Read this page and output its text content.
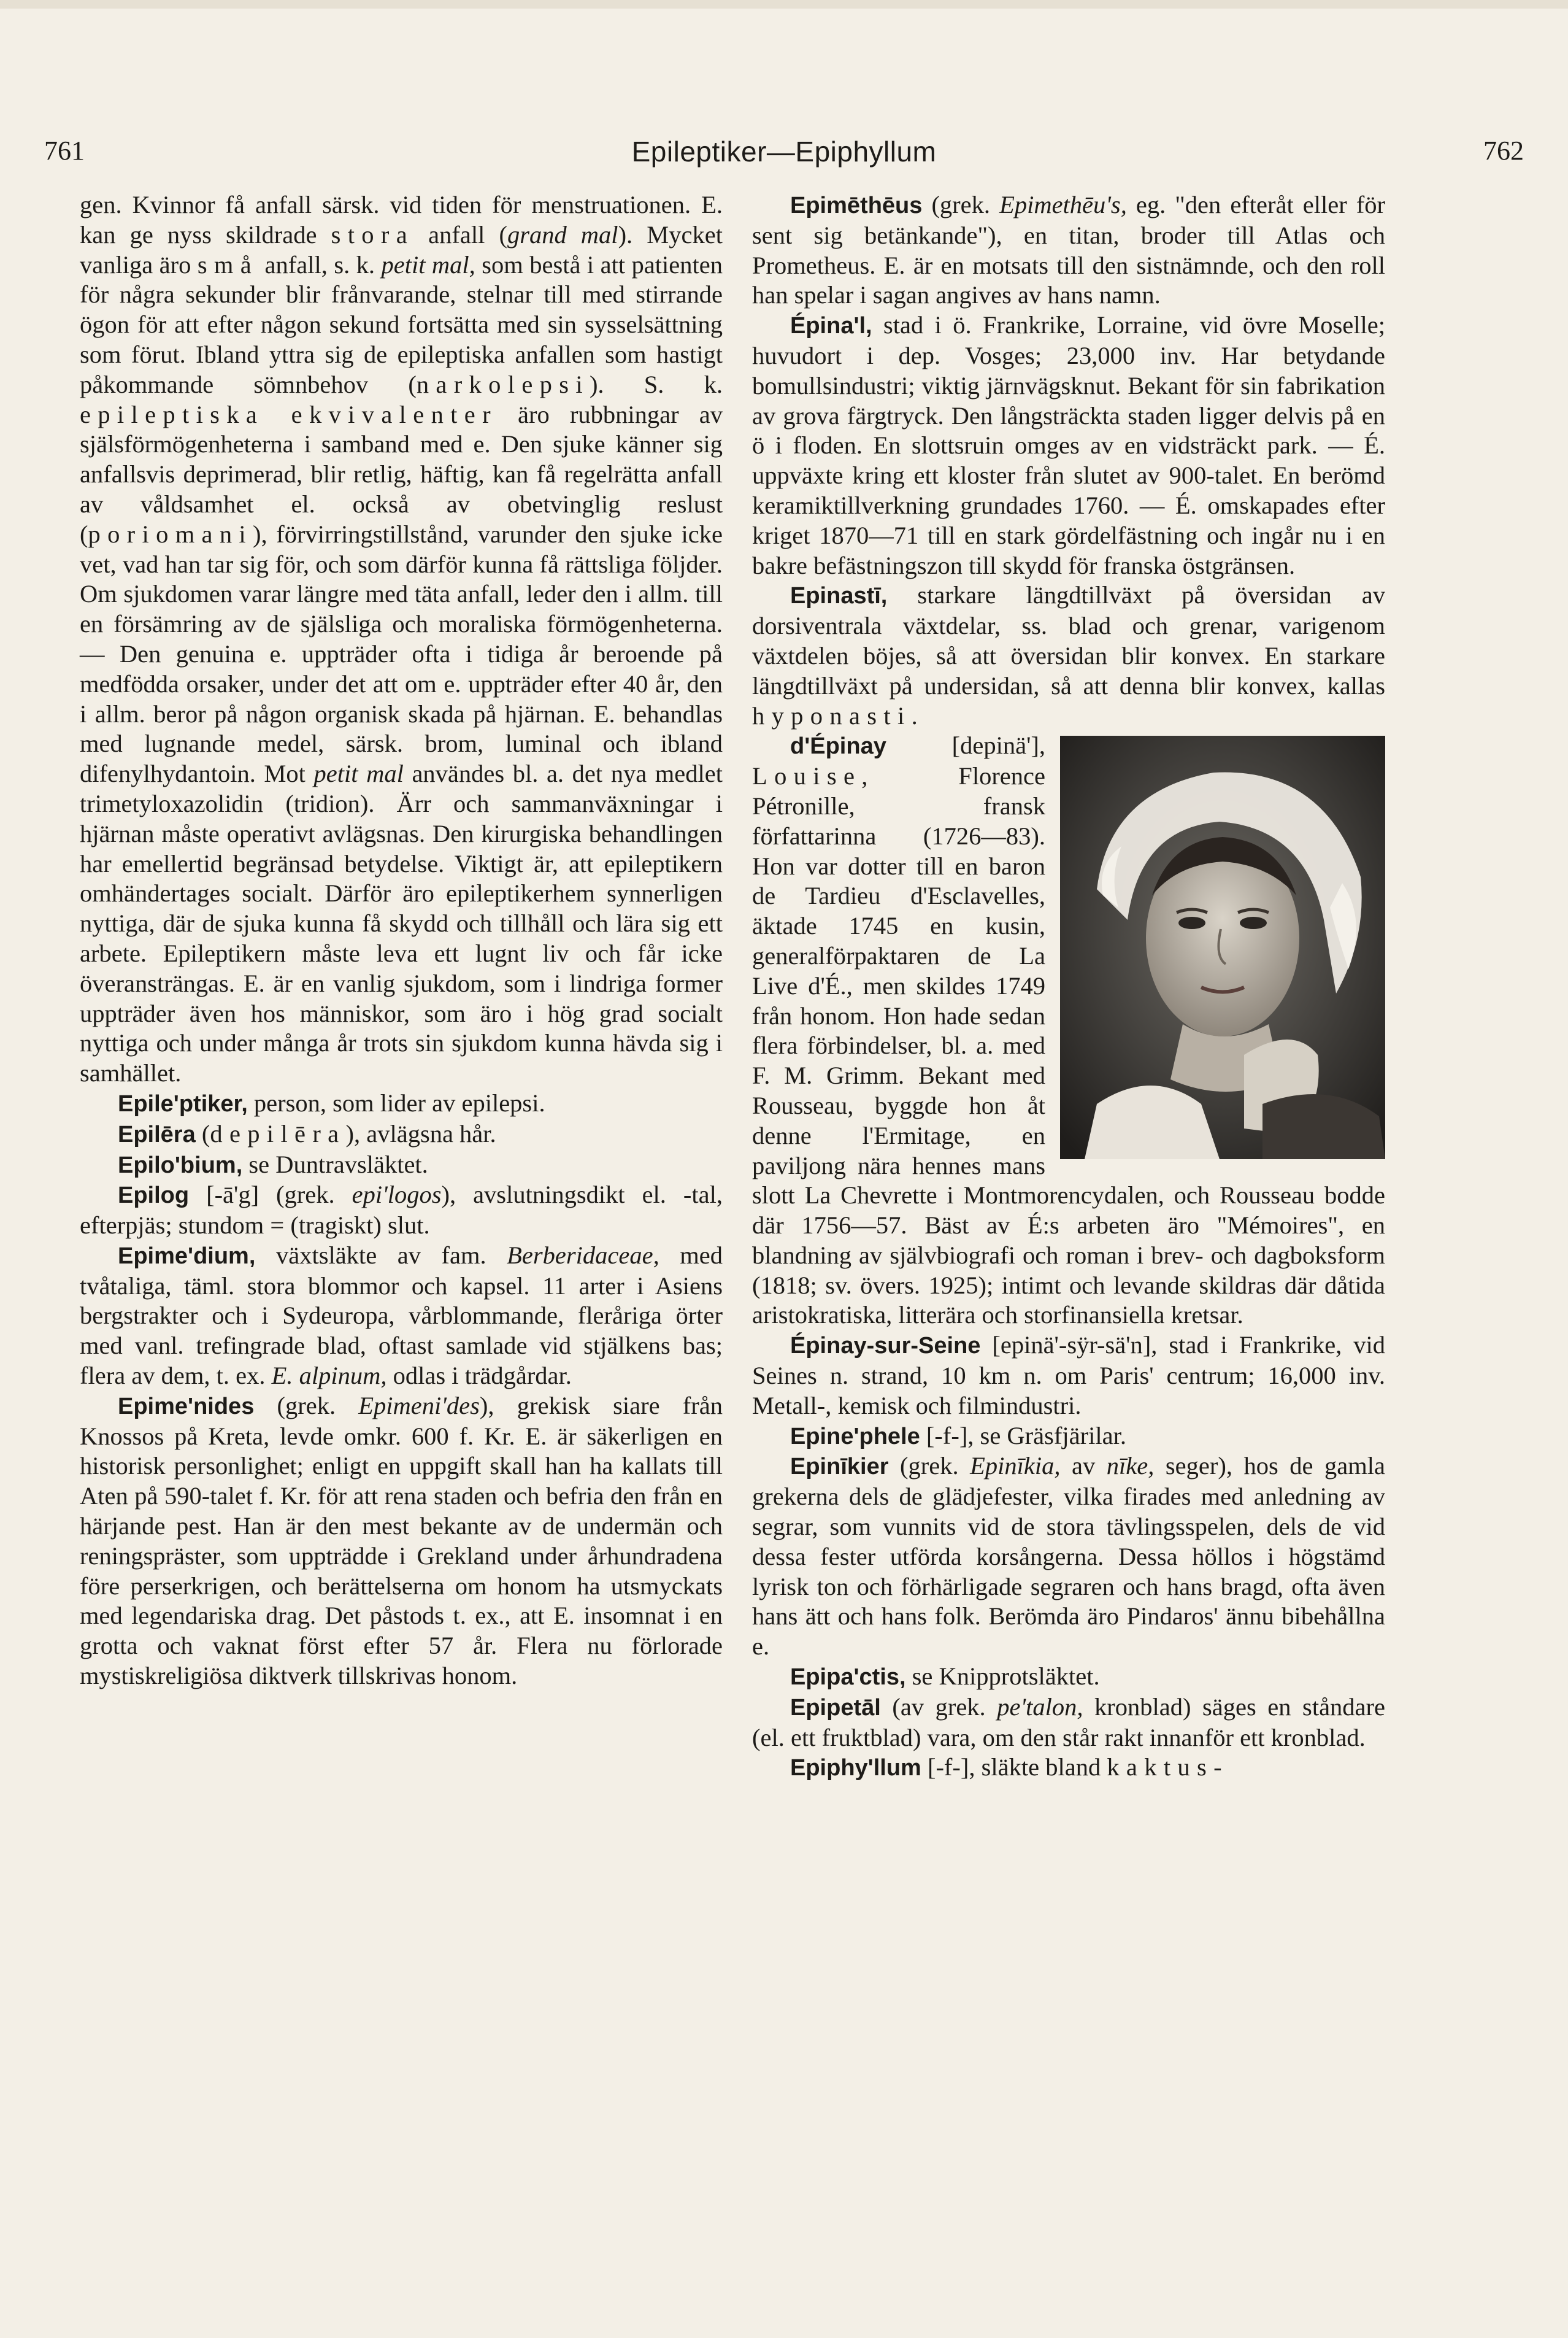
761	Epileptiker—Epiphyllum	762

gen. Kvinnor få anfall särsk. vid tiden för menstruationen. E. kan ge nyss skildrade stora anfall (grand mal). Mycket vanliga äro små anfall, s. k. petit mal, som bestå i att patienten för några sekunder blir frånvarande, stelnar till med stirrande ögon för att efter någon sekund fortsätta med sin sysselsättning som förut. Ibland yttra sig de epileptiska anfallen som hastigt påkommande sömnbehov (narkolepsi). S. k. epileptiska ekvivalenter äro rubbningar av själsförmögenheterna i samband med e. Den sjuke känner sig anfallsvis deprimerad, blir retlig, häftig, kan få regelrätta anfall av våldsamhet el. också av obetvinglig reslust (poriomani), förvirringstillstånd, varunder den sjuke icke vet, vad han tar sig för, och som därför kunna få rättsliga följder. Om sjukdomen varar längre med täta anfall, leder den i allm. till en försämring av de själsliga och moraliska förmögenheterna. — Den genuina e. uppträder ofta i tidiga år beroende på medfödda orsaker, under det att om e. uppträder efter 40 år, den i allm. beror på någon organisk skada på hjärnan. E. behandlas med lugnande medel, särsk. brom, luminal och ibland difenylhydantoin. Mot petit mal användes bl. a. det nya medlet trimetyloxazolidin (tridion). Ärr och sammanväxningar i hjärnan måste operativt avlägsnas. Den kirurgiska behandlingen har emellertid begränsad betydelse. Viktigt är, att epileptikern omhändertages socialt. Därför äro epileptikerhem synnerligen nyttiga, där de sjuka kunna få skydd och tillhåll och lära sig ett arbete. Epileptikern måste leva ett lugnt liv och får icke överansträngas. E. är en vanlig sjukdom, som i lindriga former uppträder även hos människor, som äro i hög grad socialt nyttiga och under många år trots sin sjukdom kunna hävda sig i samhället.

Epile'ptiker, person, som lider av epilepsi.

Epilēra (depilēra), avlägsna hår.

Epilo'bium, se Duntravsläktet.

Epilog [-ā'g] (grek. epi'logos), avslutningsdikt el. -tal, efterpjäs; stundom = (tragiskt) slut.

Epime'dium, växtsläkte av fam. Berberidaceae, med tvåtaliga, täml. stora blommor och kapsel. 11 arter i Asiens bergstrakter och i Sydeuropa, vårblommande, fleråriga örter med vanl. trefingrade blad, oftast samlade vid stjälkens bas; flera av dem, t. ex. E. alpinum, odlas i trädgårdar.

Epime'nides (grek. Epimeni'des), grekisk siare från Knossos på Kreta, levde omkr. 600 f. Kr. E. är säkerligen en historisk personlighet; enligt en uppgift skall han ha kallats till Aten på 590-talet f. Kr. för att rena staden och befria den från en härjande pest. Han är den mest bekante av de undermän och reningspräster, som uppträdde i Grekland under århundradena före perserkrigen, och berättelserna om honom ha utsmyckats med legendariska drag. Det påstods t. ex., att E. insomnat i en grotta och vaknat först efter 57 år. Flera nu förlorade mystiskreligiösa diktverk tillskrivas honom.

Epimēthēus (grek. Epimethēu's, eg. "den efteråt eller för sent sig betänkande"), en titan, broder till Atlas och Prometheus. E. är en motsats till den sistnämnde, och den roll han spelar i sagan angives av hans namn.

Épina'l, stad i ö. Frankrike, Lorraine, vid övre Moselle; huvudort i dep. Vosges; 23,000 inv. Har betydande bomullsindustri; viktig järnvägsknut. Bekant för sin fabrikation av grova färgtryck. Den långsträckta staden ligger delvis på en ö i floden. En slottsruin omges av en vidsträckt park. — É. uppväxte kring ett kloster från slutet av 900-talet. En berömd keramiktillverkning grundades 1760. — É. omskapades efter kriget 1870—71 till en stark gördelfästning och ingår nu i en bakre befästningszon till skydd för franska östgränsen.

Epinastī, starkare längdtillväxt på översidan av dorsiventrala växtdelar, ss. blad och grenar, varigenom växtdelen böjes, så att översidan blir konvex. En starkare längdtillväxt på undersidan, så att denna blir konvex, kallas hyponasti.

d'Épinay [depinä'], Louise, Florence Pétronille, fransk författarinna (1726—83). Hon var dotter till en baron de Tardieu d'Esclavelles, äktade 1745 en kusin, generalförpaktaren de La Live d'É., men skildes 1749 från honom. Hon hade sedan flera förbindelser, bl. a. med F. M. Grimm. Bekant med Rousseau, byggde hon åt denne l'Ermitage, en paviljong nära hennes mans slott La Chevrette i Montmorencydalen, och Rousseau bodde där 1756—57. Bäst av É:s arbeten äro "Mémoires", en blandning av självbiografi och roman i brev- och dagboksform (1818; sv. övers. 1925); intimt och levande skildras där dåtida aristokratiska, litterära och storfinansiella kretsar.

Épinay-sur-Seine [epinä'-sÿr-sä'n], stad i Frankrike, vid Seines n. strand, 10 km n. om Paris' centrum; 16,000 inv. Metall-, kemisk och filmindustri.

Epine'phele [-f-], se Gräsfjärilar.

Epinīkier (grek. Epinīkia, av nīke, seger), hos de gamla grekerna dels de glädjefester, vilka firades med anledning av segrar, som vunnits vid de stora tävlingsspelen, dels de vid dessa fester utförda korsångerna. Dessa höllos i högstämd lyrisk ton och förhärligade segraren och hans bragd, ofta även hans ätt och hans folk. Berömda äro Pindaros' ännu bibehållna e.

Epipa'ctis, se Knipprotsläktet.

Epipetāl (av grek. pe'talon, kronblad) säges en ståndare (el. ett fruktblad) vara, om den står rakt innanför ett kronblad.

Epiphy'llum [-f-], släkte bland kaktus-
